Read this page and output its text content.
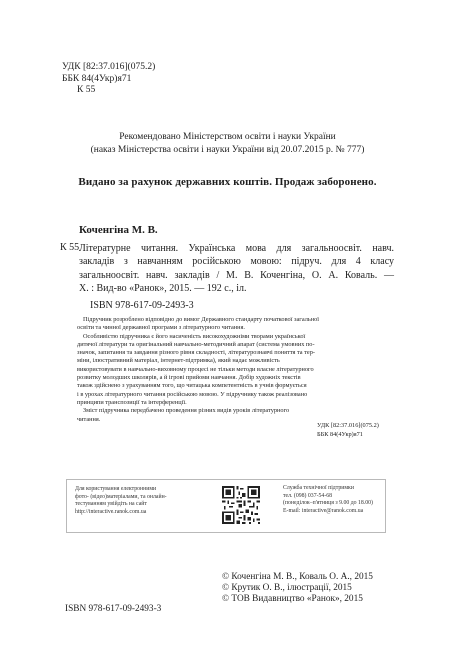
УДК [82:37.016](075.2)
ББК 84(4Укр)я71
К 55
Рекомендовано Міністерством освіти і науки України
(наказ Міністерства освіти і науки України від 20.07.2015 р. № 777)
Видано за рахунок державних коштів. Продаж заборонено.
Коченгіна М. В.
К 55 Літературне читання. Українська мова для загальноосвіт. навч.
закладів з навчанням російською мовою: підруч. для 4 класу
загальноосвіт. навч. закладів / М. В. Коченгіна, О. А. Коваль. —
Х. : Вид-во «Ранок», 2015. — 192 с., іл.
ISBN 978-617-09-2493-3
Підручник розроблено відповідно до вимог Державного стандарту початкової загальної
освіти та чинної державної програми з літературного читання.
Особливістю підручника є його насиченість високохудожніми творами української
дитячої літератури та оригінальний навчально-методичний апарат (система умовних по-
значок, запитання та завдання різного рівня складності, літературознавчі поняття та тер-
міни, ілюстративний матеріал, інтернет-підтримка), який надає можливість
використовувати в навчально-виховному процесі не тільки методи власне літературного
розвитку молодших школярів, а й ігрові прийоми навчання. Добір художніх текстів
також здійснено з урахуванням того, що читацька компетентність в учнів формується
і в урохах літературного читання російською мовою. У підручнику також реалізовано
принципи транспозиції та інтерференції.
Зміст підручника передбачено проведення різних видів уроків літературного
читання.
УДК [82:37.016](075.2)
ББК 84(4Укр)я71
Для користування електронними
фото- (відео)матеріалами, та онлайн-
тестуванням увійдіть на сайт
http://interactive.ranok.com.ua
Служба технічної підтримки
тел. (098) 037-54-68
(понеділок–п'ятниця з 9.00 до 18.00)
E-mail: interactive@ranok.com.ua
© Коченгіна М. В., Коваль О. А., 2015
© Крутик О. В., ілюстрації, 2015
© ТОВ Видавництво «Ранок», 2015
ISBN 978-617-09-2493-3
